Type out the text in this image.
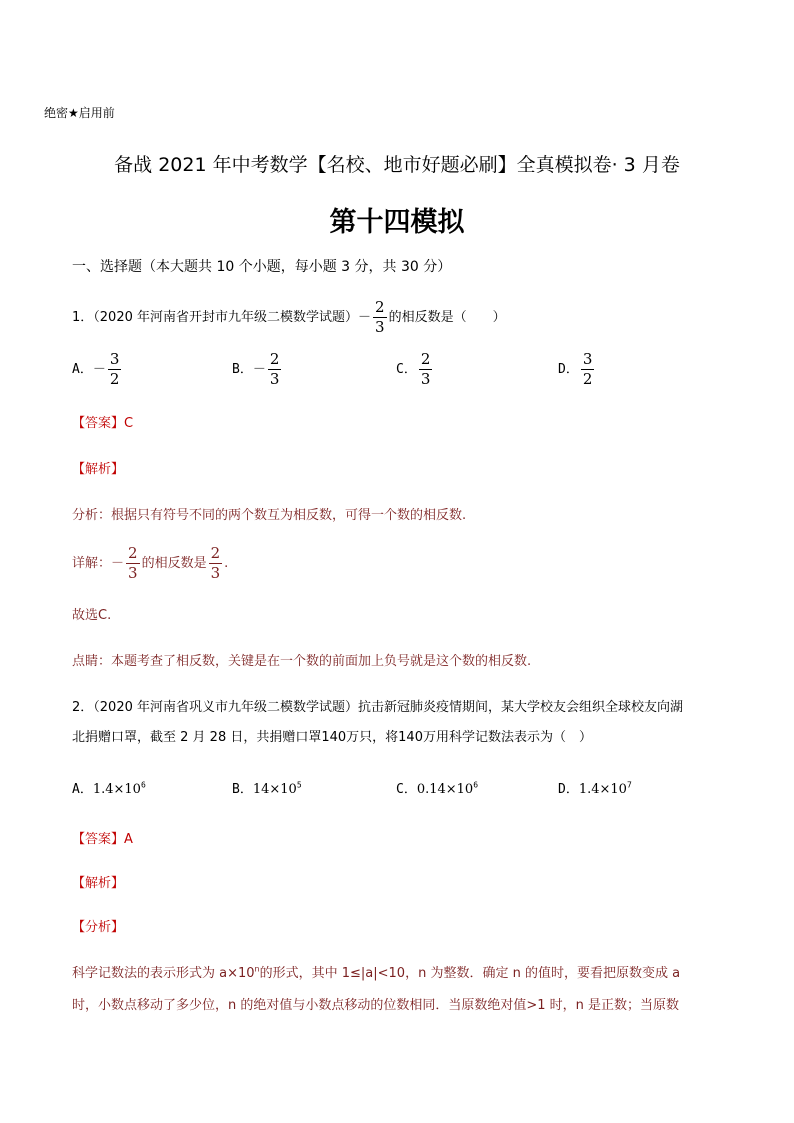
绝密★启用前
备战 2021 年中考数学【名校、地市好题必刷】全真模拟卷· 3 月卷
第十四模拟
一、选择题（本大题共 10 个小题，每小题 3 分，共 30 分）
1．（2020 年河南省开封市九年级二模数学试题）－ $\frac{2}{3}$ 的相反数是（　　）
A．－ $\frac{3}{2}$	B．－ $\frac{2}{3}$	C． $\frac{2}{3}$	D． $\frac{3}{2}$
【答案】C
【解析】
分析：根据只有符号不同的两个数互为相反数，可得一个数的相反数.
详解：－ $\frac{2}{3}$ 的相反数是 $\frac{2}{3}$ .
故选C.
点睛：本题考查了相反数，关键是在一个数的前面加上负号就是这个数的相反数.
2．（2020 年河南省巩义市九年级二模数学试题）抗击新冠肺炎疫情期间，某大学校友会组织全球校友向湖
北捐赠口罩，截至 2 月 28 日，共捐赠口罩140万只，将140万用科学记数法表示为（　）
A．$1.4\times 10^6$	B．$14\times 10^5$	C．$0.14\times 10^6$	D．$1.4\times 10^7$
【答案】A
【解析】
【分析】
科学记数法的表示形式为 $a\times 10^n$的形式，其中 1≤|a|<10，n 为整数．确定 n 的值时，要看把原数变成 a
时，小数点移动了多少位，n 的绝对值与小数点移动的位数相同．当原数绝对值>1 时，n 是正数；当原数
